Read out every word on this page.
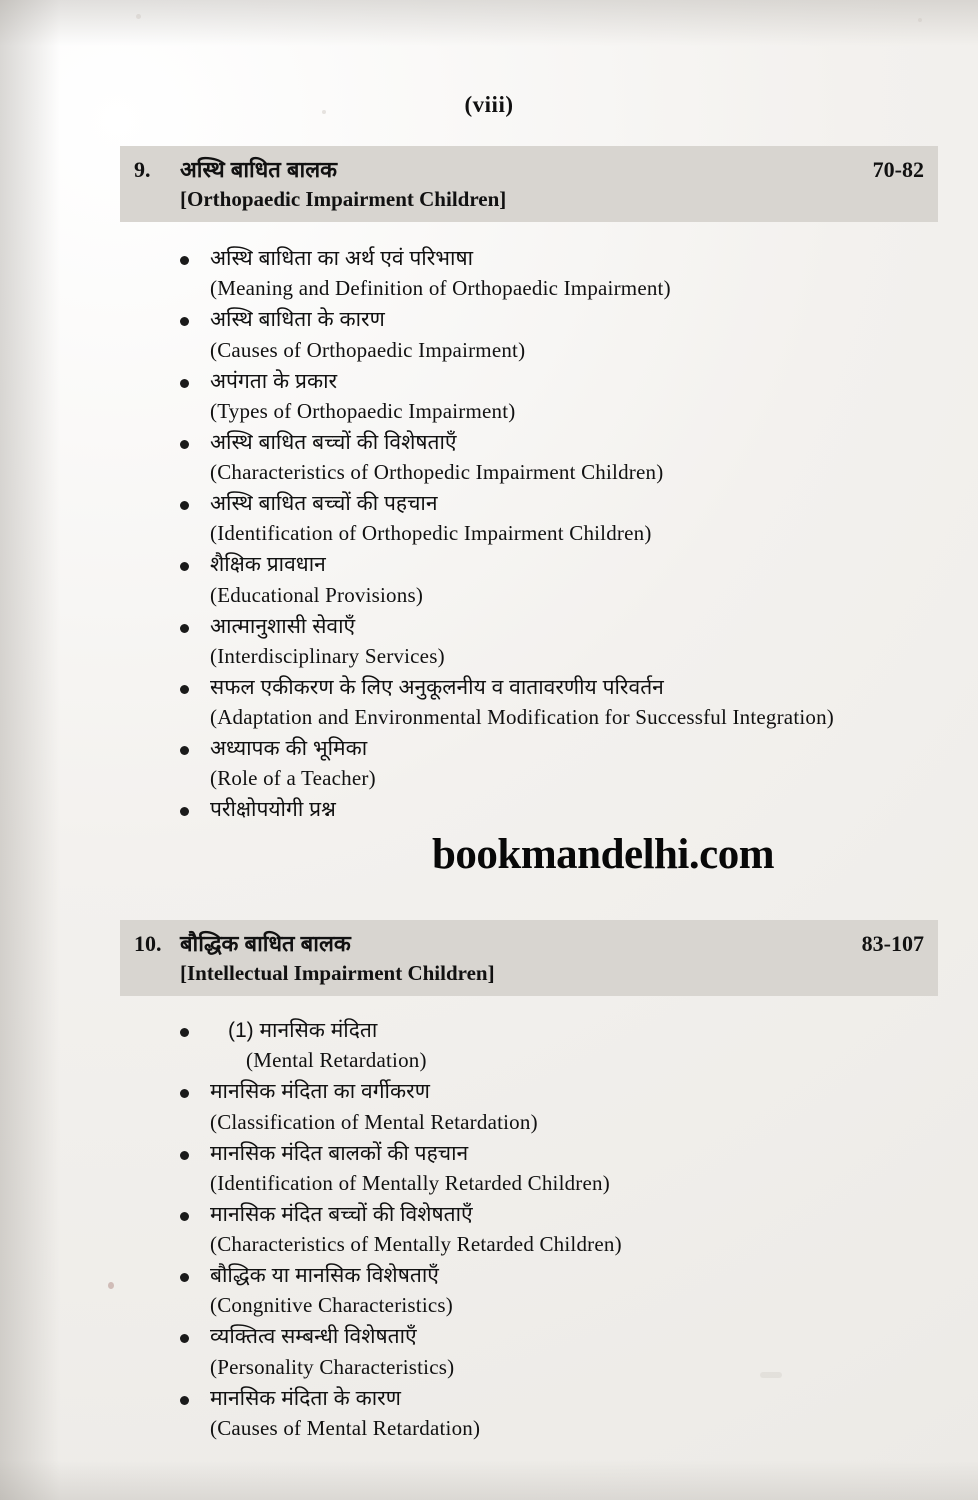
(viii)
9.	अस्थि बाधित बालक	70-82
[Orthopaedic Impairment Children]
अस्थि बाधिता का अर्थ एवं परिभाषा
(Meaning and Definition of Orthopaedic Impairment)
अस्थि बाधिता के कारण
(Causes of Orthopaedic Impairment)
अपंगता के प्रकार
(Types of Orthopaedic Impairment)
अस्थि बाधित बच्चों की विशेषताएँ
(Characteristics of Orthopedic Impairment Children)
अस्थि बाधित बच्चों की पहचान
(Identification of Orthopedic Impairment Children)
शैक्षिक प्रावधान
(Educational Provisions)
आत्मानुशासी सेवाएँ
(Interdisciplinary Services)
सफल एकीकरण के लिए अनुकूलनीय व वातावरणीय परिवर्तन
(Adaptation and Environmental Modification for Successful Integration)
अध्यापक की भूमिका
(Role of a Teacher)
परीक्षोपयोगी प्रश्न
bookmandelhi.com
10. बौद्धिक बाधित बालक	83-107
[Intellectual Impairment Children]
(1) मानसिक मंदिता
(Mental Retardation)
मानसिक मंदिता का वर्गीकरण
(Classification of Mental Retardation)
मानसिक मंदित बालकों की पहचान
(Identification of Mentally Retarded Children)
मानसिक मंदित बच्चों की विशेषताएँ
(Characteristics of Mentally Retarded Children)
बौद्धिक या मानसिक विशेषताएँ
(Congnitive Characteristics)
व्यक्तित्व सम्बन्धी विशेषताएँ
(Personality Characteristics)
मानसिक मंदिता के कारण
(Causes of Mental Retardation)
